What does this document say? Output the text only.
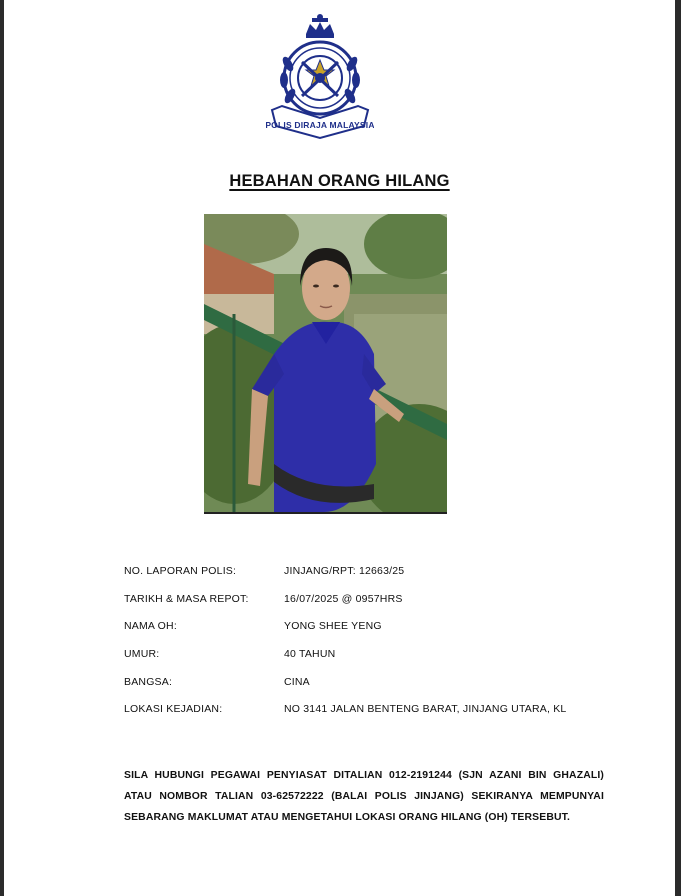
POLIS DIRAJA MALAYSIA
HEBAHAN ORANG HILANG
NO. LAPORAN POLIS:	JINJANG/RPT: 12663/25
TARIKH & MASA REPOT:	16/07/2025 @ 0957HRS
NAMA OH:	YONG SHEE YENG
UMUR:	40 TAHUN
BANGSA:	CINA
LOKASI KEJADIAN:	NO 3141 JALAN BENTENG BARAT, JINJANG UTARA, KL
SILA HUBUNGI PEGAWAI PENYIASAT DITALIAN 012-2191244 (SJN AZANI BIN GHAZALI)
ATAU NOMBOR TALIAN 03-62572222 (BALAI POLIS JINJANG) SEKIRANYA MEMPUNYAI
SEBARANG MAKLUMAT ATAU MENGETAHUI LOKASI ORANG HILANG (OH) TERSEBUT.
